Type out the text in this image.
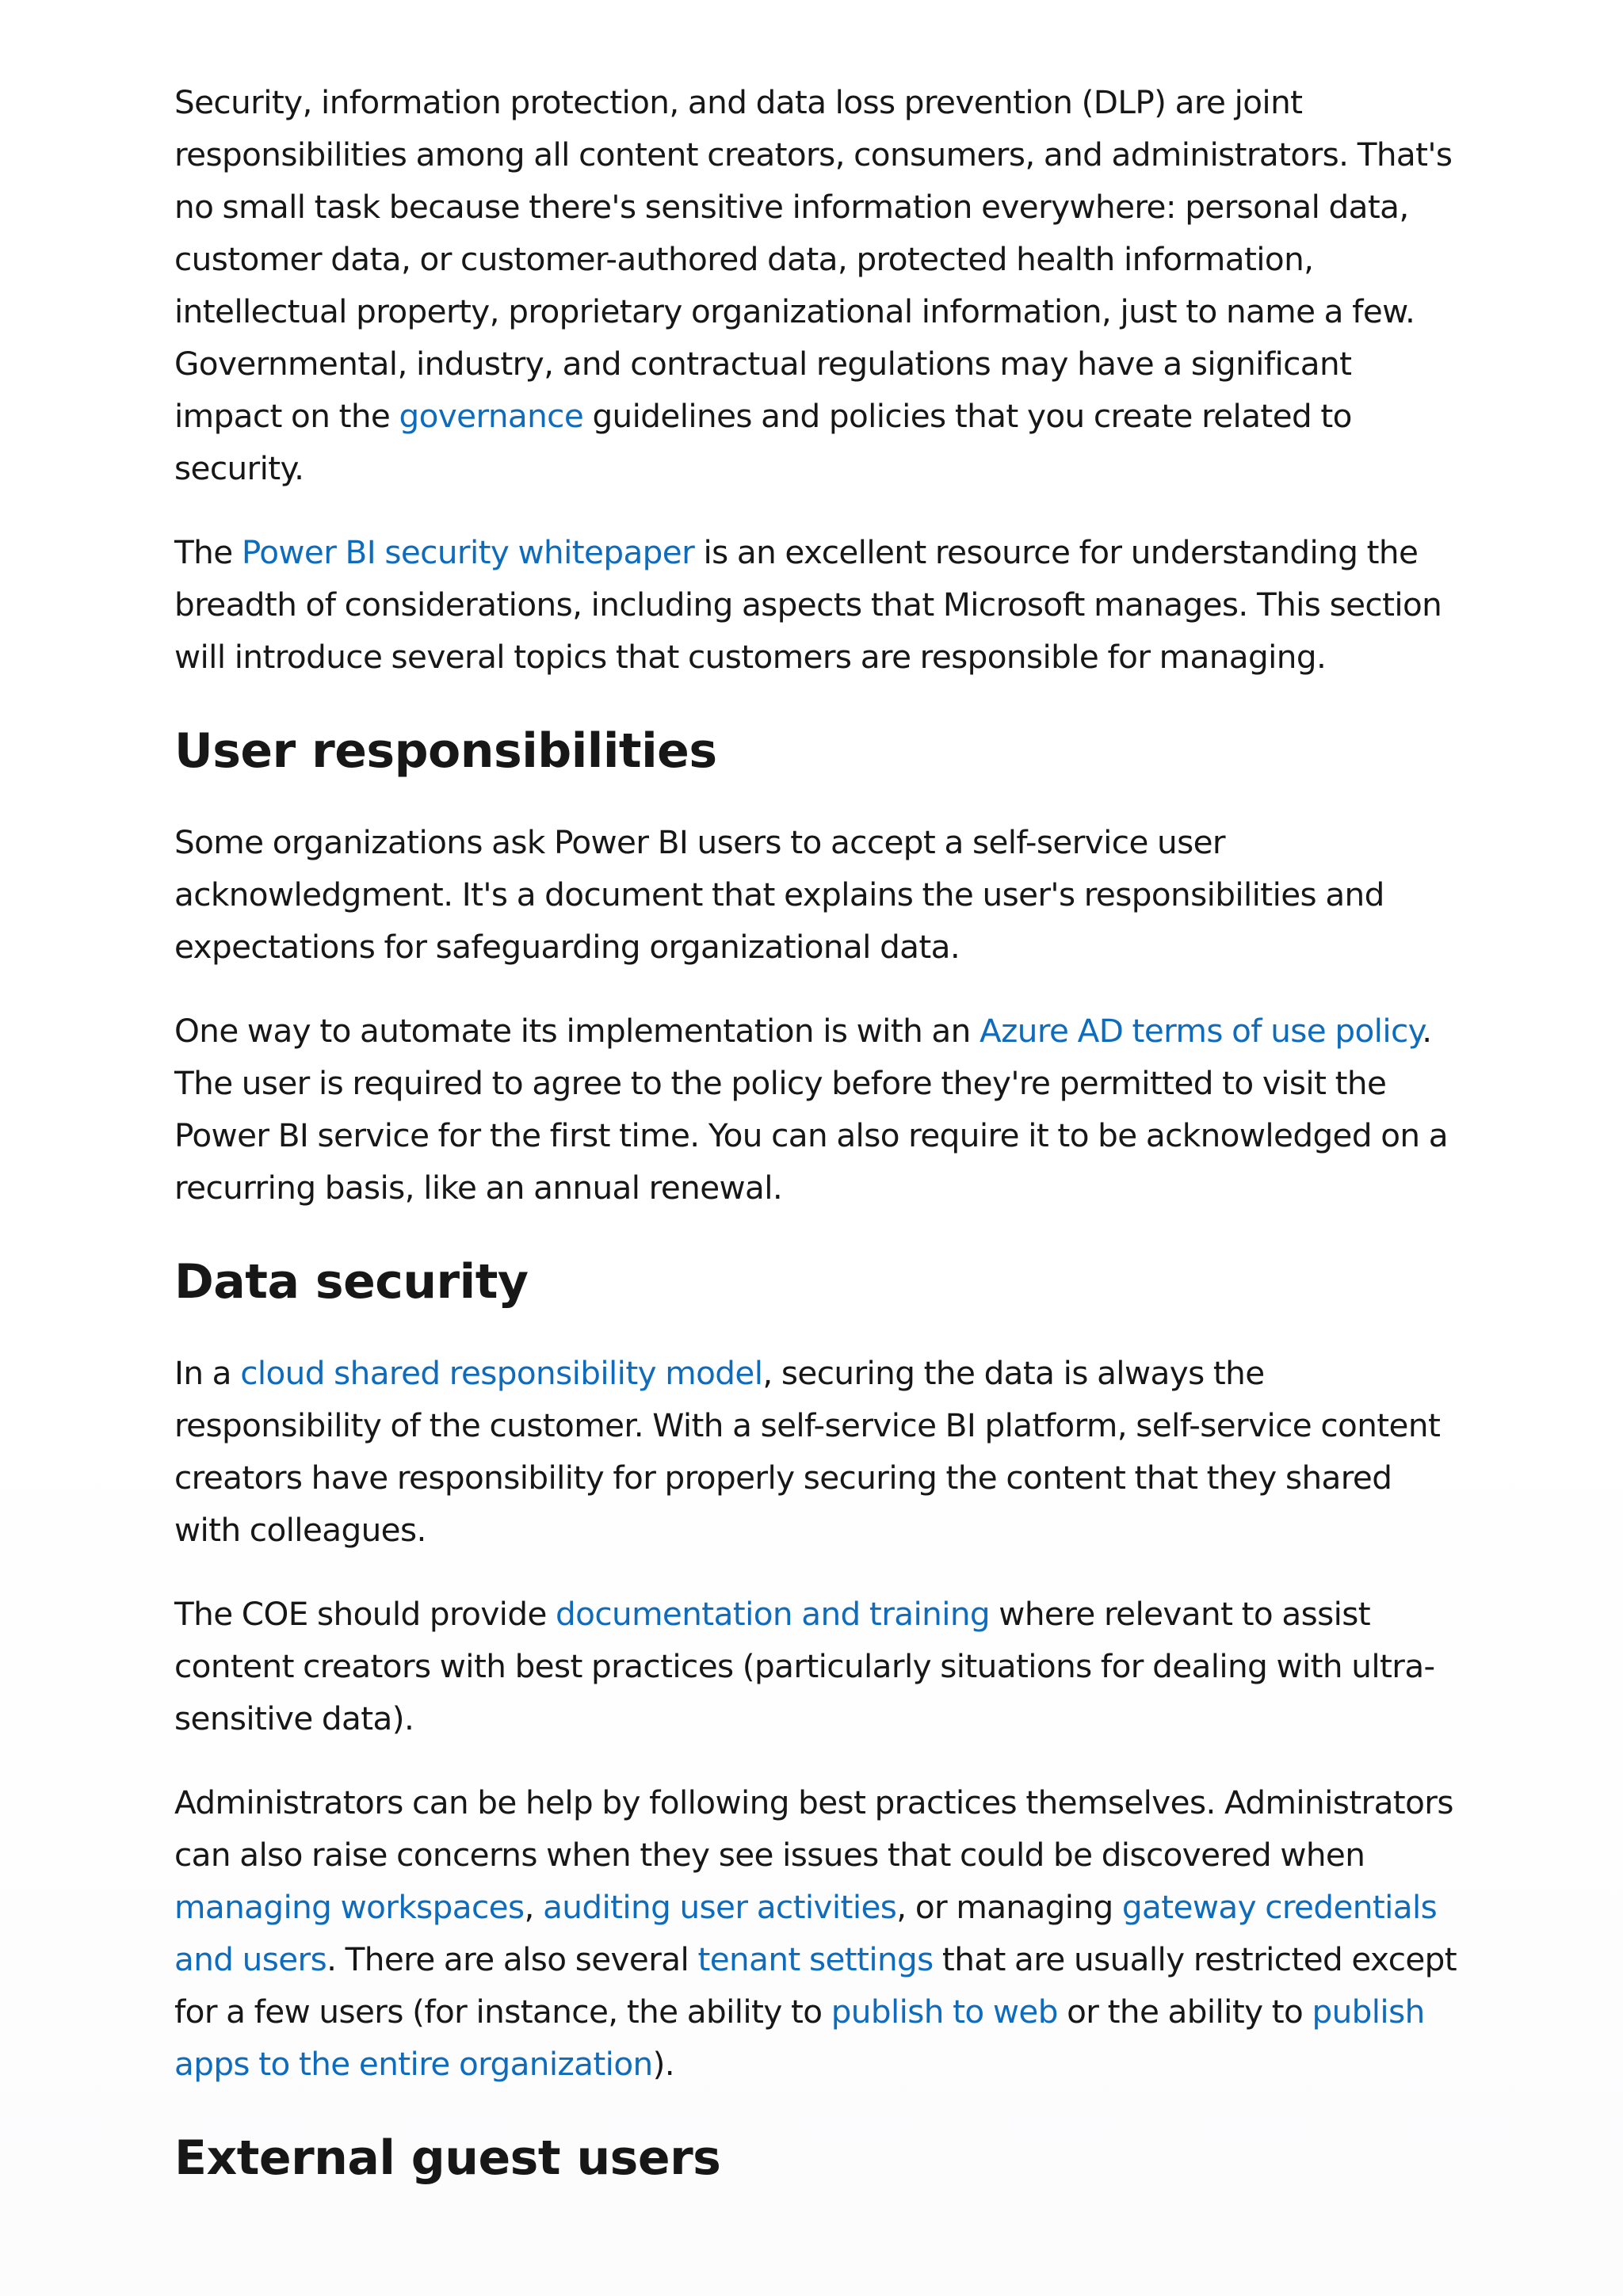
Security, information protection, and data loss prevention (DLP) are joint responsibilities among all content creators, consumers, and administrators. That's no small task because there's sensitive information everywhere: personal data, customer data, or customer-authored data, protected health information, intellectual property, proprietary organizational information, just to name a few. Governmental, industry, and contractual regulations may have a significant impact on the governance guidelines and policies that you create related to security.

The Power BI security whitepaper is an excellent resource for understanding the breadth of considerations, including aspects that Microsoft manages. This section will introduce several topics that customers are responsible for managing.

User responsibilities

Some organizations ask Power BI users to accept a self-service user acknowledgment. It's a document that explains the user's responsibilities and expectations for safeguarding organizational data.

One way to automate its implementation is with an Azure AD terms of use policy. The user is required to agree to the policy before they're permitted to visit the Power BI service for the first time. You can also require it to be acknowledged on a recurring basis, like an annual renewal.

Data security

In a cloud shared responsibility model, securing the data is always the responsibility of the customer. With a self-service BI platform, self-service content creators have responsibility for properly securing the content that they shared with colleagues.

The COE should provide documentation and training where relevant to assist content creators with best practices (particularly situations for dealing with ultra-sensitive data).

Administrators can be help by following best practices themselves. Administrators can also raise concerns when they see issues that could be discovered when managing workspaces, auditing user activities, or managing gateway credentials and users. There are also several tenant settings that are usually restricted except for a few users (for instance, the ability to publish to web or the ability to publish apps to the entire organization).

External guest users
